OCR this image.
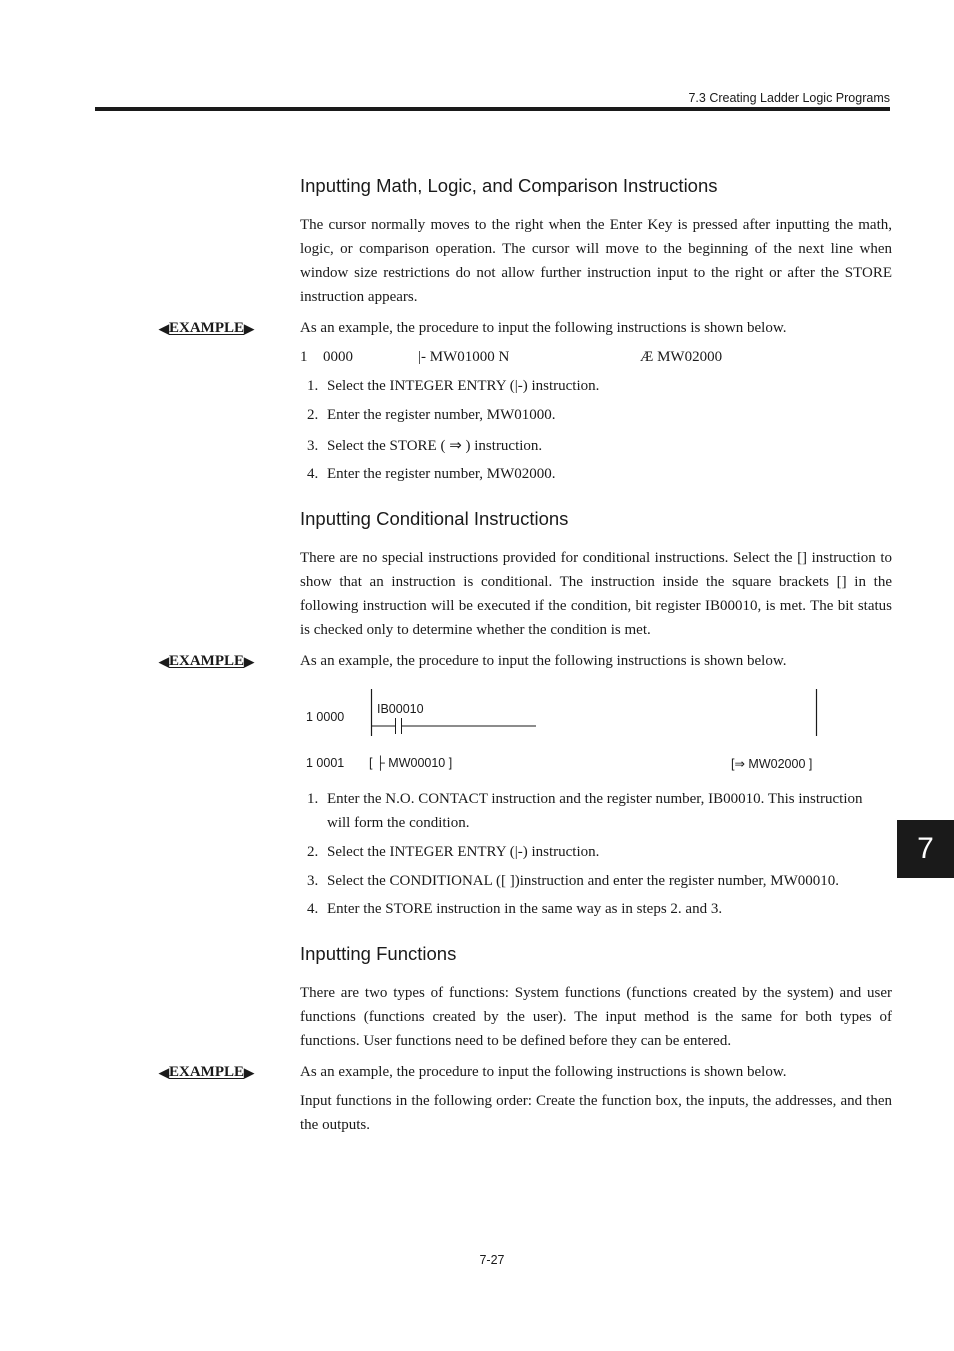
7.3 Creating Ladder Logic Programs
Inputting Math, Logic, and Comparison Instructions
The cursor normally moves to the right when the Enter Key is pressed after inputting the math, logic, or comparison operation. The cursor will move to the beginning of the next line when window size restrictions do not allow further instruction input to the right or after the STORE instruction appears.
◀ EXAMPLE ▶	As an example, the procedure to input the following instructions is shown below.
1 0000	|- MW01000 N	Æ MW02000
1. Select the INTEGER ENTRY (|-) instruction.
2. Enter the register number, MW01000.
3. Select the STORE ( ⇒ ) instruction.
4. Enter the register number, MW02000.
Inputting Conditional Instructions
There are no special instructions provided for conditional instructions. Select the [] instruction to show that an instruction is conditional. The instruction inside the square brackets [] in the following instruction will be executed if the condition, bit register IB00010, is met. The bit status is checked only to determine whether the condition is met.
◀ EXAMPLE ▶	As an example, the procedure to input the following instructions is shown below.
1 0000
IB00010
1 0001 [ ├ MW00010 ]	[⇒ MW02000 ]
1. Enter the N.O. CONTACT instruction and the register number, IB00010. This instruction will form the condition.
2. Select the INTEGER ENTRY (|-) instruction.
3. Select the CONDITIONAL ([ ])instruction and enter the register number, MW00010.
4. Enter the STORE instruction in the same way as in steps 2. and 3.
Inputting Functions
There are two types of functions: System functions (functions created by the system) and user functions (functions created by the user). The input method is the same for both types of functions. User functions need to be defined before they can be entered.
◀ EXAMPLE ▶	As an example, the procedure to input the following instructions is shown below.
Input functions in the following order: Create the function box, the inputs, the addresses, and then the outputs.
7
7-27
